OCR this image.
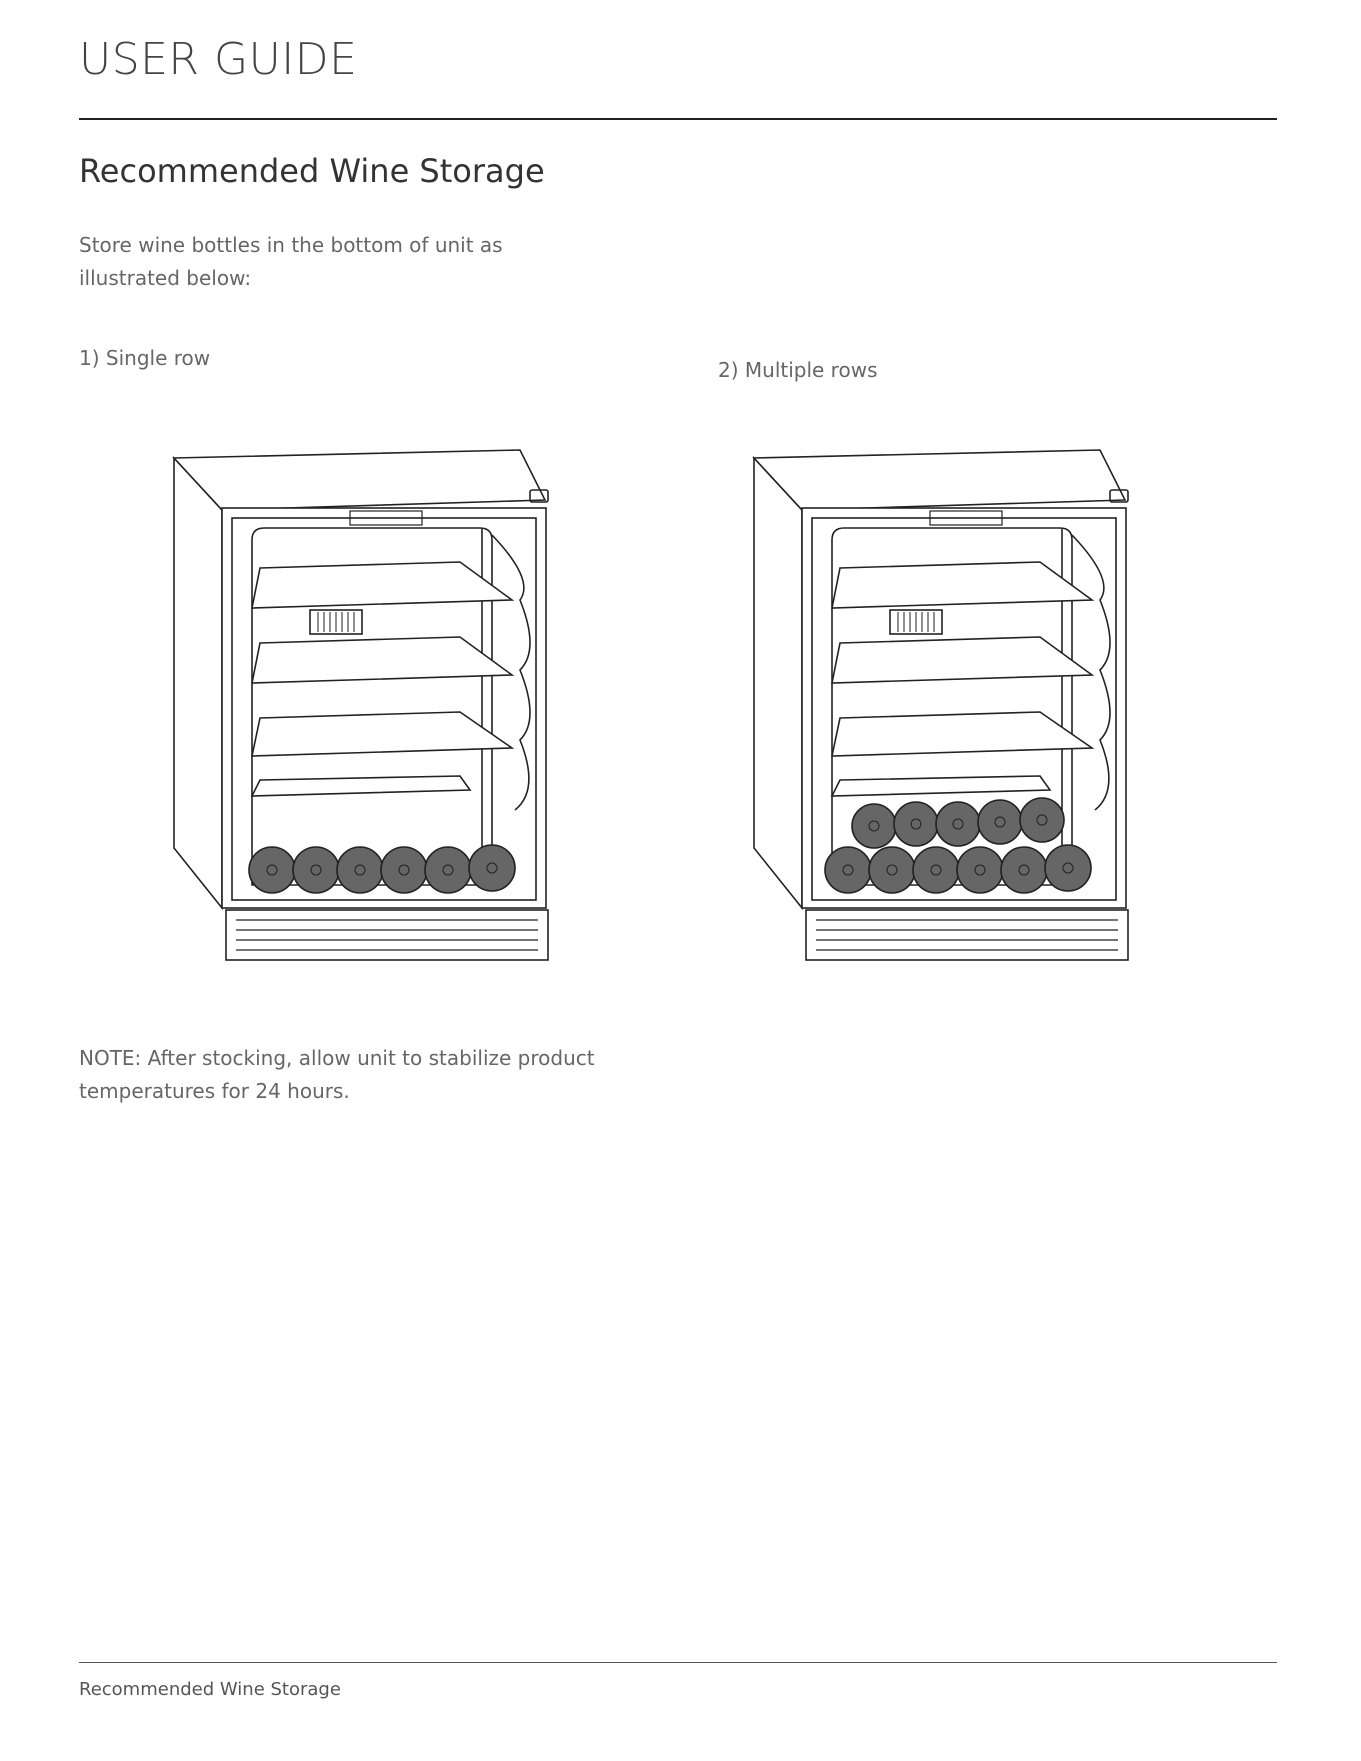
USER GUIDE
Recommended Wine Storage
Store wine bottles in the bottom of unit as illustrated below:
1) Single row	2) Multiple rows
NOTE: After stocking, allow unit to stabilize product temperatures for 24 hours.
Recommended Wine Storage
